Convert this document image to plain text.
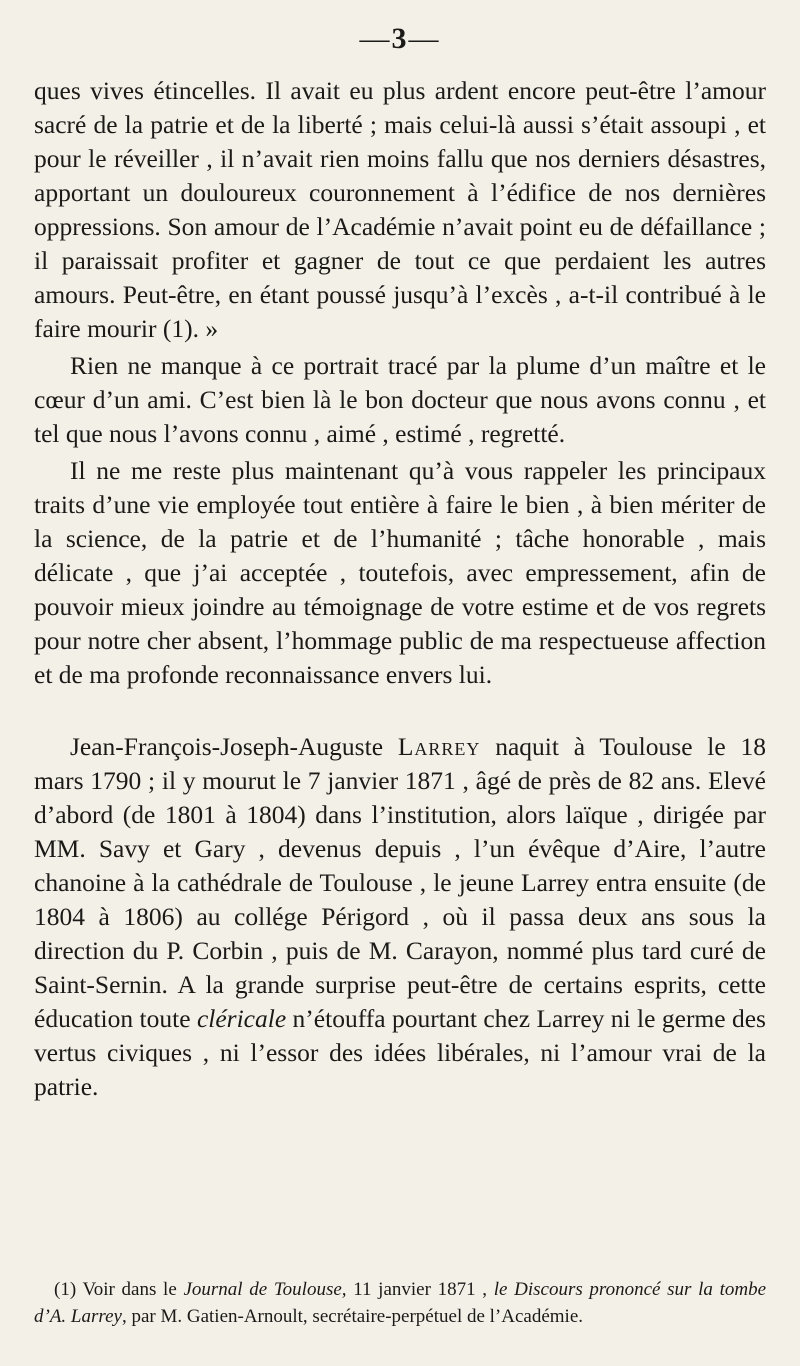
— 3 —

ques vives étincelles. Il avait eu plus ardent encore peut-être l’amour sacré de la patrie et de la liberté ; mais celui-là aussi s’était assoupi , et pour le réveiller , il n’avait rien moins fallu que nos derniers désastres, apportant un douloureux couronnement à l’édifice de nos dernières oppressions. Son amour de l’Académie n’avait point eu de défaillance ; il paraissait profiter et gagner de tout ce que perdaient les autres amours. Peut-être, en étant poussé jusqu’à l’excès , a-t-il contribué à le faire mourir (1). »

Rien ne manque à ce portrait tracé par la plume d’un maître et le cœur d’un ami. C’est bien là le bon docteur que nous avons connu , et tel que nous l’avons connu , aimé , estimé , regretté.

Il ne me reste plus maintenant qu’à vous rappeler les principaux traits d’une vie employée tout entière à faire le bien , à bien mériter de la science, de la patrie et de l’humanité ; tâche honorable , mais délicate , que j’ai acceptée , toutefois, avec empressement, afin de pouvoir mieux joindre au témoignage de votre estime et de vos regrets pour notre cher absent, l’hommage public de ma respectueuse affection et de ma profonde reconnaissance envers lui.

Jean-François-Joseph-Auguste Larrey naquit à Toulouse le 18 mars 1790 ; il y mourut le 7 janvier 1871 , âgé de près de 82 ans. Elevé d’abord (de 1801 à 1804) dans l’institution, alors laïque , dirigée par MM. Savy et Gary , devenus depuis , l’un évêque d’Aire, l’autre chanoine à la cathédrale de Toulouse , le jeune Larrey entra ensuite (de 1804 à 1806) au collége Périgord , où il passa deux ans sous la direction du P. Corbin , puis de M. Carayon, nommé plus tard curé de Saint-Sernin. A la grande surprise peut-être de certains esprits, cette éducation toute cléricale n’étouffa pourtant chez Larrey ni le germe des vertus civiques , ni l’essor des idées libérales, ni l’amour vrai de la patrie.

(1) Voir dans le Journal de Toulouse, 11 janvier 1871 , le Discours prononcé sur la tombe d’A. Larrey, par M. Gatien-Arnoult, secrétaire-perpétuel de l’Académie.
